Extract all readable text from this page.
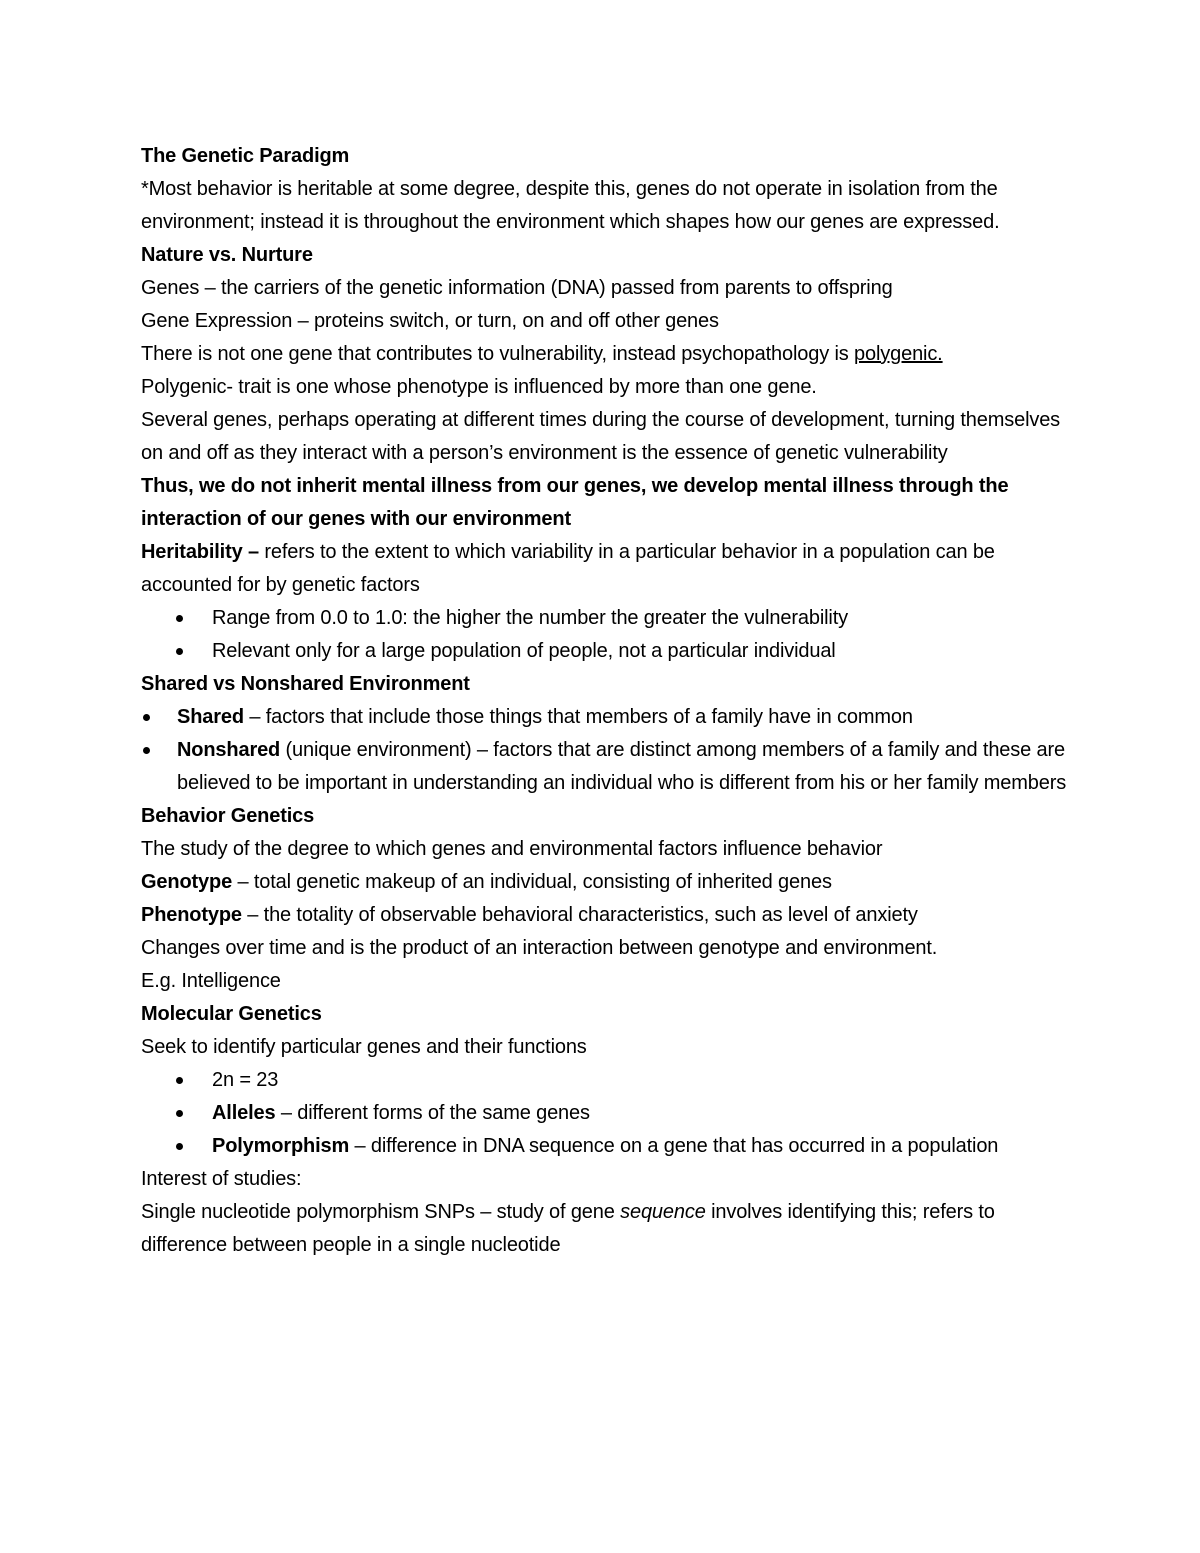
The Genetic Paradigm

*Most behavior is heritable at some degree, despite this, genes do not operate in isolation from the environment; instead it is throughout the environment which shapes how our genes are expressed.

Nature vs. Nurture

Genes – the carriers of the genetic information (DNA) passed from parents to offspring

Gene Expression – proteins switch, or turn, on and off other genes

There is not one gene that contributes to vulnerability, instead psychopathology is polygenic.

Polygenic- trait is one whose phenotype is influenced by more than one gene.

Several genes, perhaps operating at different times during the course of development, turning themselves on and off as they interact with a person’s environment is the essence of genetic vulnerability

Thus, we do not inherit mental illness from our genes, we develop mental illness through the interaction of our genes with our environment

Heritability – refers to the extent to which variability in a particular behavior in a population can be accounted for by genetic factors

Range from 0.0 to 1.0: the higher the number the greater the vulnerability
Relevant only for a large population of people, not a particular individual

Shared vs Nonshared Environment

Shared – factors that include those things that members of a family have in common
Nonshared (unique environment) – factors that are distinct among members of a family and these are believed to be important in understanding an individual who is different from his or her family members

Behavior Genetics

The study of the degree to which genes and environmental factors influence behavior

Genotype – total genetic makeup of an individual, consisting of inherited genes

Phenotype – the totality of observable behavioral characteristics, such as level of anxiety

Changes over time and is the product of an interaction between genotype and environment.

E.g. Intelligence

Molecular Genetics

Seek to identify particular genes and their functions

2n = 23
Alleles – different forms of the same genes
Polymorphism – difference in DNA sequence on a gene that has occurred in a population

Interest of studies:

Single nucleotide polymorphism SNPs – study of gene sequence involves identifying this; refers to difference between people in a single nucleotide
